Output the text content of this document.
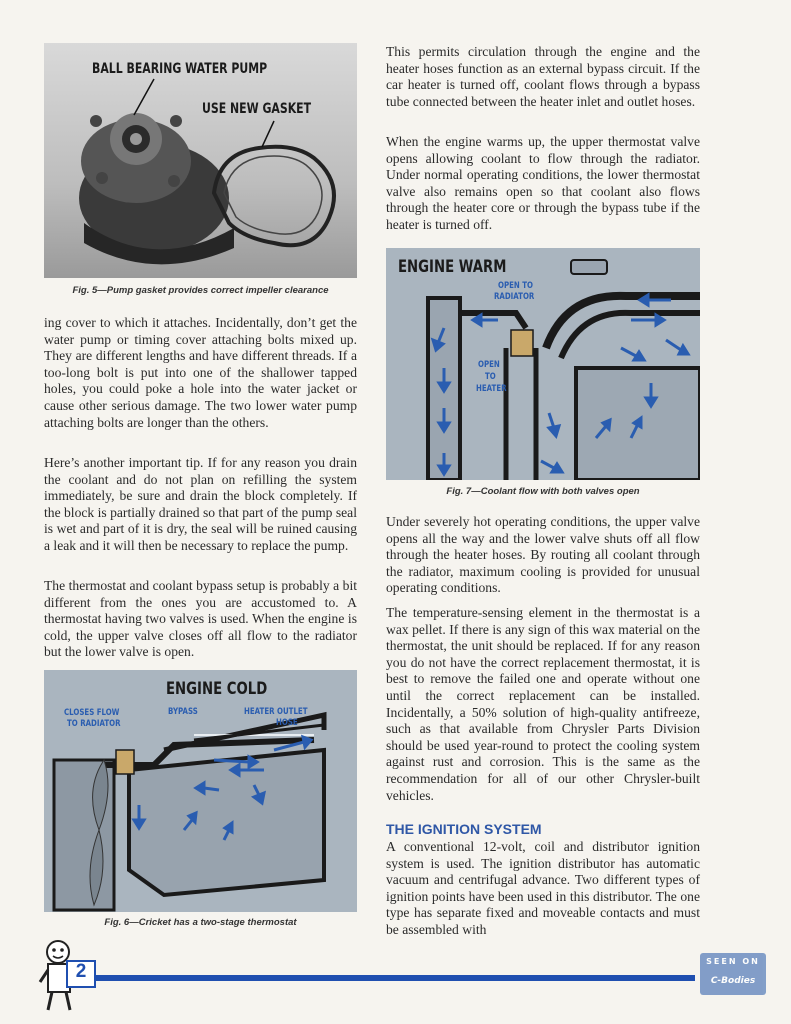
BALL BEARING WATER PUMP
USE NEW GASKET

Fig. 5—Pump gasket provides correct impeller clearance

ing cover to which it attaches. Incidentally, don’t get the water pump or timing cover attaching bolts mixed up. They are different lengths and have different threads. If a too-long bolt is put into one of the shallower tapped holes, you could poke a hole into the water jacket or cause other serious damage. The two lower water pump attaching bolts are longer than the others.

Here’s another important tip. If for any reason you drain the coolant and do not plan on refilling the system immediately, be sure and drain the block completely. If the block is partially drained so that part of the pump seal is wet and part of it is dry, the seal will be ruined causing a leak and it will then be necessary to replace the pump.

The thermostat and coolant bypass setup is probably a bit different from the ones you are accustomed to. A thermostat having two valves is used. When the engine is cold, the upper valve closes off all flow to the radiator but the lower valve is open.

ENGINE COLD
CLOSES FLOW
TO RADIATOR
BYPASS	HEATER OUTLET
HOSE

Fig. 6—Cricket has a two-stage thermostat

This permits circulation through the engine and the heater hoses function as an external bypass circuit. If the car heater is turned off, coolant flows through a bypass tube connected between the heater inlet and outlet hoses.

When the engine warms up, the upper thermostat valve opens allowing coolant to flow through the radiator. Under normal operating conditions, the lower thermostat valve also remains open so that coolant also flows through the heater core or through the bypass tube if the heater is turned off.

ENGINE WARM
OPEN TO
RADIATOR
OPEN
TO
HEATER

Fig. 7—Coolant flow with both valves open

Under severely hot operating conditions, the upper valve opens all the way and the lower valve shuts off all flow through the heater hoses. By routing all coolant through the radiator, maximum cooling is provided for unusual operating conditions.

The temperature-sensing element in the thermostat is a wax pellet. If there is any sign of this wax material on the thermostat, the unit should be replaced. If for any reason you do not have the correct replacement thermostat, it is best to remove the failed one and operate without one until the correct replacement can be installed. Incidentally, a 50% solution of high-quality antifreeze, such as that available from Chrysler Parts Division should be used year-round to protect the cooling system against rust and corrosion. This is the same as the recommendation for all of our other Chrysler-built vehicles.

THE IGNITION SYSTEM

A conventional 12-volt, coil and distributor ignition system is used. The ignition distributor has automatic vacuum and centrifugal advance. Two different types of ignition points have been used in this distributor. The one type has separate fixed and moveable contacts and must be assembled with

2	SEEN ON
C-Bodies
